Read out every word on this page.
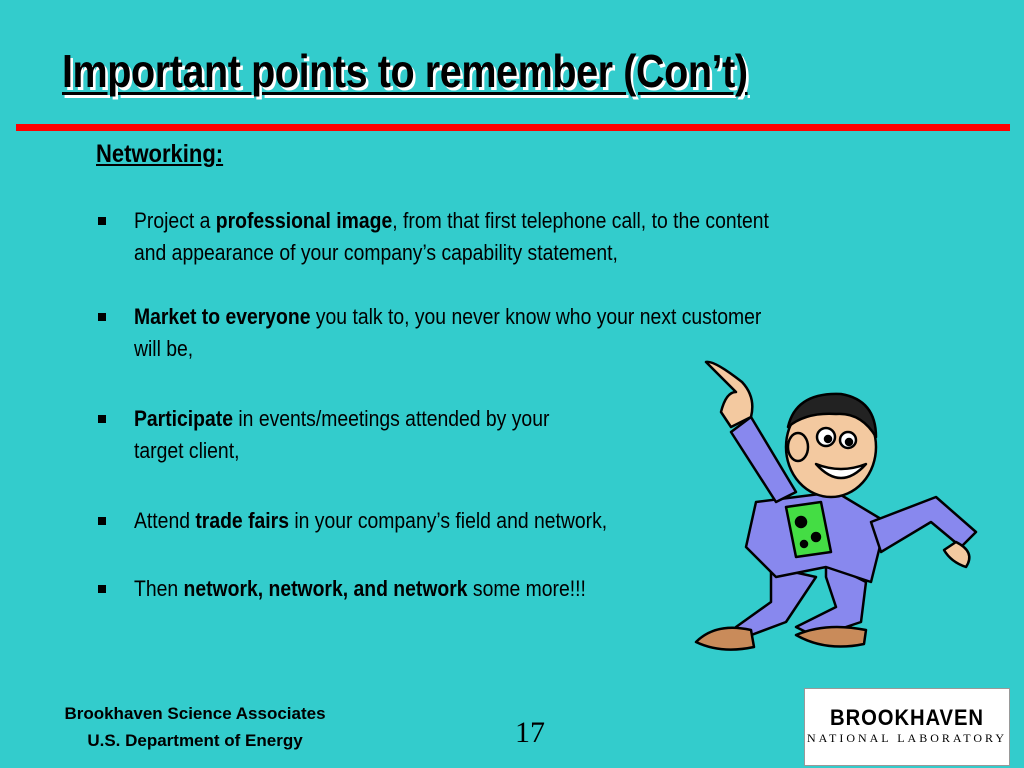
Important points to remember (Con’t)
Networking:
Project a professional image, from that first telephone call, to the content
and appearance of your company’s capability statement,
Market to everyone you talk to, you never know who your next customer
will be,
Participate in events/meetings attended by your
target client,
Attend trade fairs in your company’s field and network,
Then network, network, and network some more!!!
Brookhaven Science Associates
U.S. Department of Energy	17	BROOKHAVEN
NATIONAL LABORATORY
